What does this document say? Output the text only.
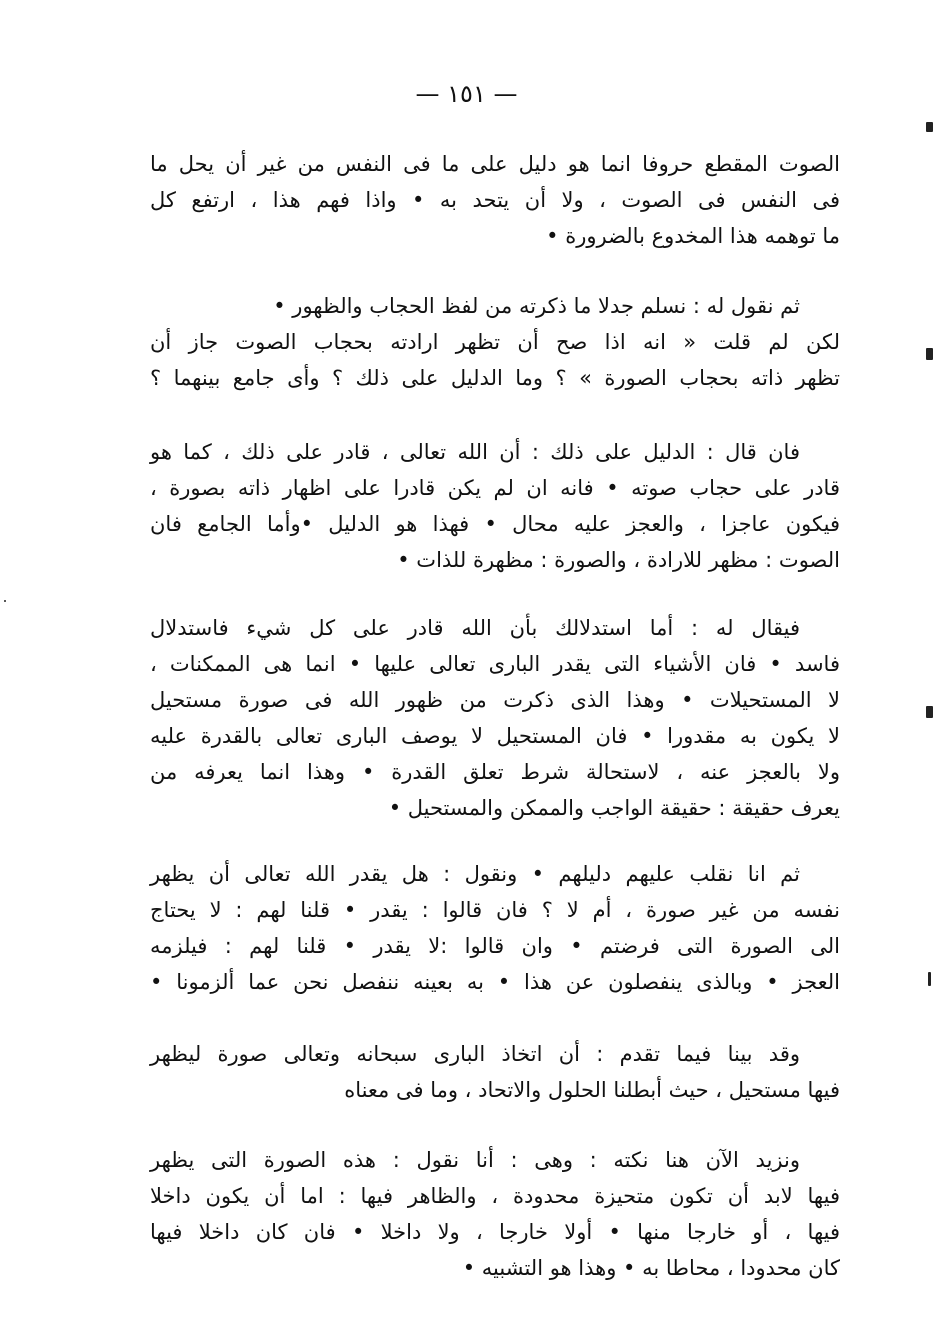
— ١٥١ —
الصوت المقطع حروفا انما هو دليل على ما فى النفس من غير أن يحل ما
فى النفس فى الصوت ، ولا أن يتحد به • واذا فهم هذا ، ارتفع كل
ما توهمه هذا المخدوع بالضرورة •
ثم نقول له : نسلم جدلا ما ذكرته من لفظ الحجاب والظهور •
لكن لم قلت « انه اذا صح أن تظهر ارادته بحجاب الصوت جاز أن
تظهر ذاته بحجاب الصورة » ؟ وما الدليل على ذلك ؟ وأى جامع بينهما ؟
فان قال : الدليل على ذلك : أن الله تعالى ، قادر على ذلك ، كما هو
قادر على حجاب صوته • فانه ان لم يكن قادرا على اظهار ذاته بصورة ،
فيكون عاجزا ، والعجز عليه محال • فهذا هو الدليل •وأما الجامع فان
الصوت : مظهر للارادة ، والصورة : مظهرة للذات •
فيقال له : أما استدلالك بأن الله قادر على كل شيء فاستدلال
فاسد • فان الأشياء التى يقدر البارى تعالى عليها • انما هى الممكنات ،
لا المستحيلات • وهذا الذى ذكرت من ظهور الله فى صورة مستحيل
لا يكون به مقدورا • فان المستحيل لا يوصف البارى تعالى بالقدرة عليه
ولا بالعجز عنه ، لاستحالة شرط تعلق القدرة • وهذا انما يعرفه من
يعرف حقيقة : حقيقة الواجب والممكن والمستحيل •
ثم انا نقلب عليهم دليلهم • ونقول : هل يقدر الله تعالى أن يظهر
نفسه من غير صورة ، أم لا ؟ فان قالوا : يقدر • قلنا لهم : لا يحتاج
الى الصورة التى فرضتم • وان قالوا :لا يقدر • قلنا لهم : فيلزمه
العجز • وبالذى ينفصلون عن هذا • به بعينه ننفصل نحن عما ألزمونا •
وقد بينا فيما تقدم : أن اتخاذ البارى سبحانه وتعالى صورة ليظهر
فيها مستحيل ، حيث أبطلنا الحلول والاتحاد ، وما فى معناه
ونزيد الآن هنا نكته : وهى : أنا نقول : هذه الصورة التى يظهر
فيها لابد أن تكون متحيزة محدودة ، والظاهر فيها : اما أن يكون داخلا
فيها ، أو خارجا منها • أولا خارجا ، ولا داخلا • فان كان داخلا فيها
كان محدودا ، محاطا به • وهذا هو التشبيه •
